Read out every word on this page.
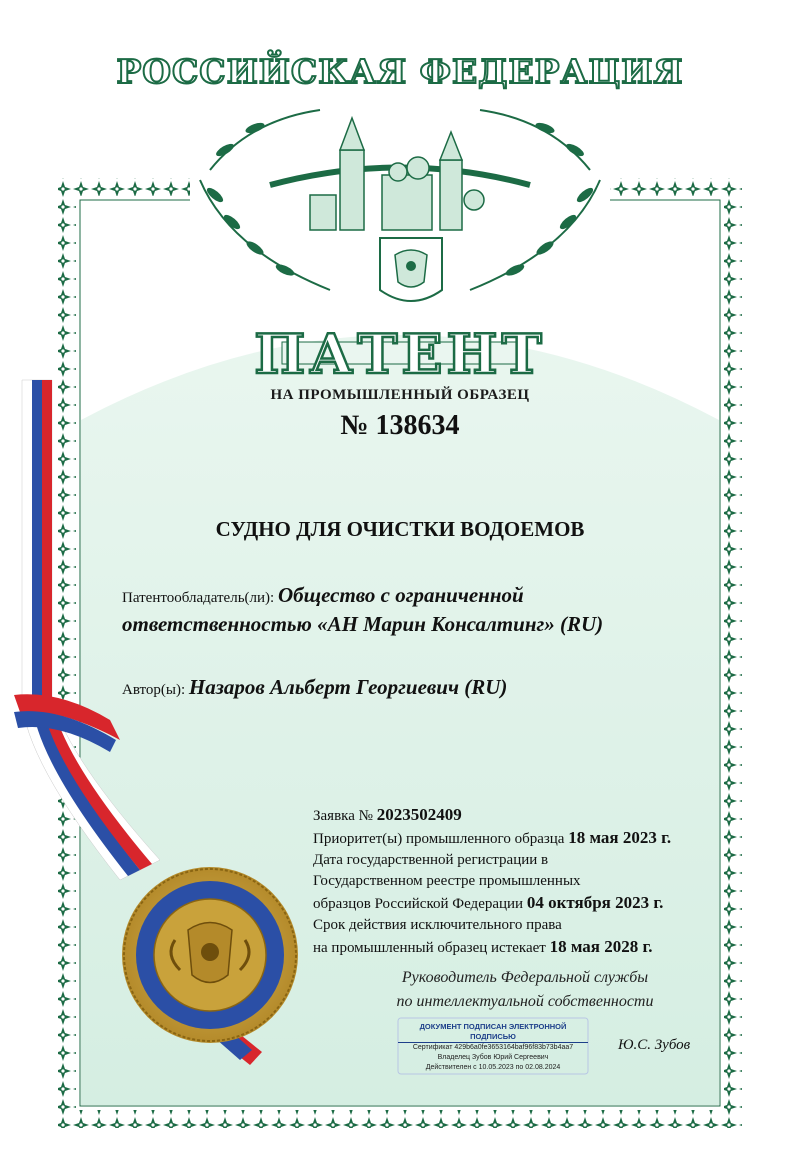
РОССИЙСКАЯ ФЕДЕРАЦИЯ
ПАТЕНТ
НА ПРОМЫШЛЕННЫЙ ОБРАЗЕЦ
№ 138634
СУДНО ДЛЯ ОЧИСТКИ ВОДОЕМОВ
Патентообладатель(ли): Общество с ограниченной
ответственностью «АН Марин Консалтинг» (RU)
Автор(ы): Назаров Альберт Георгиевич (RU)
Заявка № 2023502409
Приоритет(ы) промышленного образца 18 мая 2023 г.
Дата государственной регистрации в
Государственном реестре промышленных
образцов Российской Федерации 04 октября 2023 г.
Срок действия исключительного права
на промышленный образец истекает 18 мая 2028 г.
Руководитель Федеральной службы
по интеллектуальной собственности
ДОКУМЕНТ ПОДПИСАН ЭЛЕКТРОННОЙ ПОДПИСЬЮ
Сертификат 429b6a0fe3653164baf96f83b73b4aa7
Владелец Зубов Юрий Сергеевич
Действителен с 10.05.2023 по 02.08.2024
Ю.С. Зубов
